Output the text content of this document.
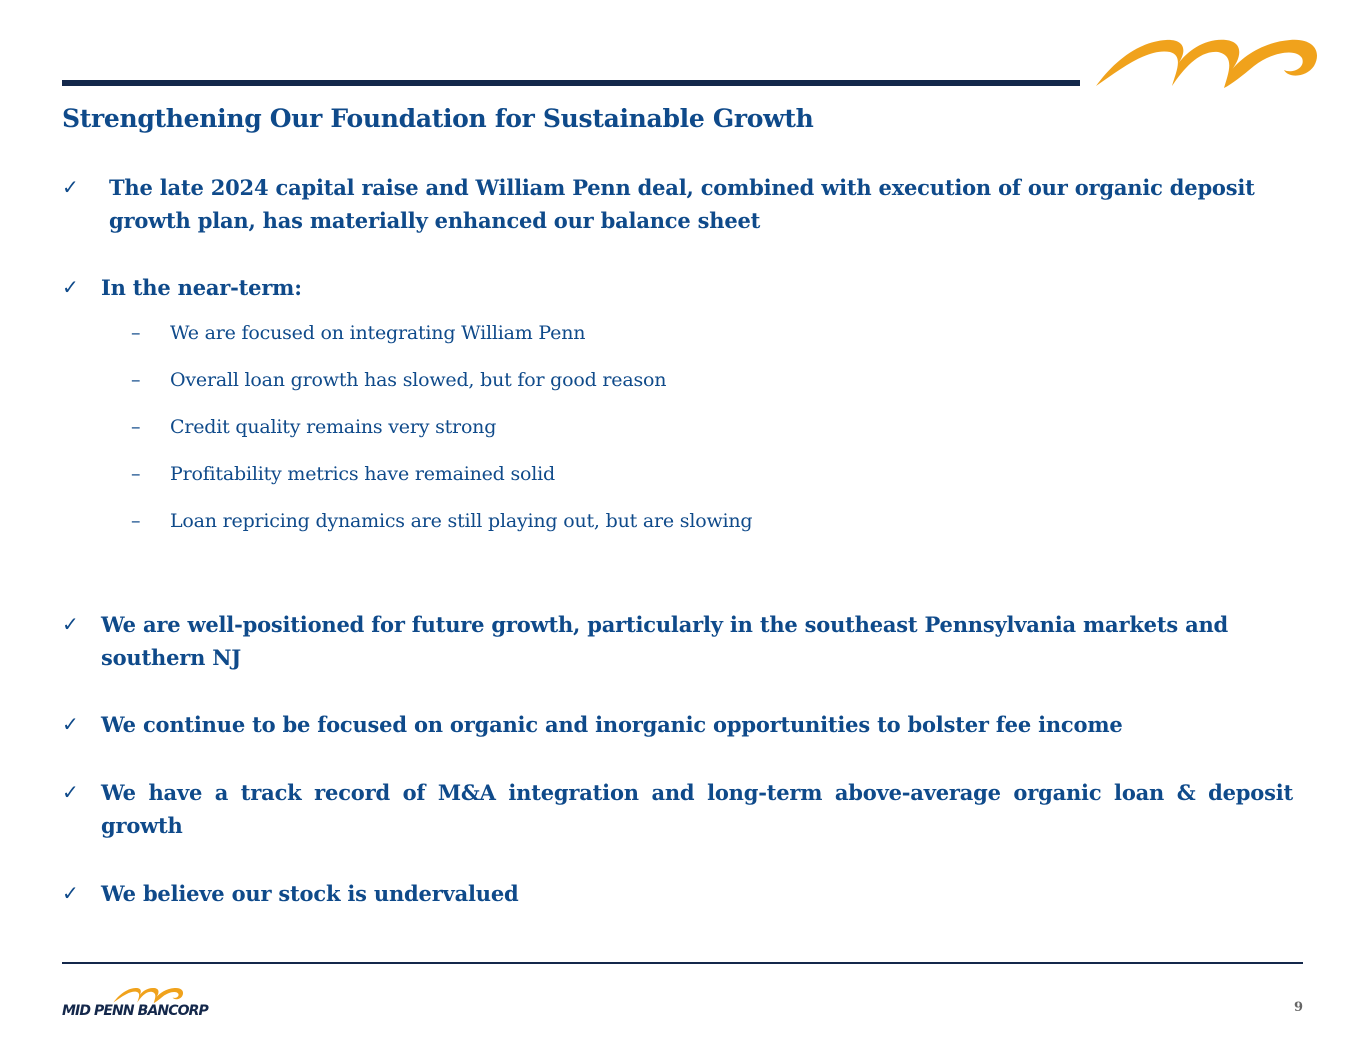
Strengthening Our Foundation for Sustainable Growth
✓ The late 2024 capital raise and William Penn deal, combined with execution of our organic deposit growth plan, has materially enhanced our balance sheet
✓ In the near-term:
– We are focused on integrating William Penn
– Overall loan growth has slowed, but for good reason
– Credit quality remains very strong
– Profitability metrics have remained solid
– Loan repricing dynamics are still playing out, but are slowing
✓ We are well-positioned for future growth, particularly in the southeast Pennsylvania markets and southern NJ
✓ We continue to be focused on organic and inorganic opportunities to bolster fee income
✓ We have a track record of M&A integration and long-term above-average organic loan & deposit growth
✓ We believe our stock is undervalued
MID PENN BANCORP	9
